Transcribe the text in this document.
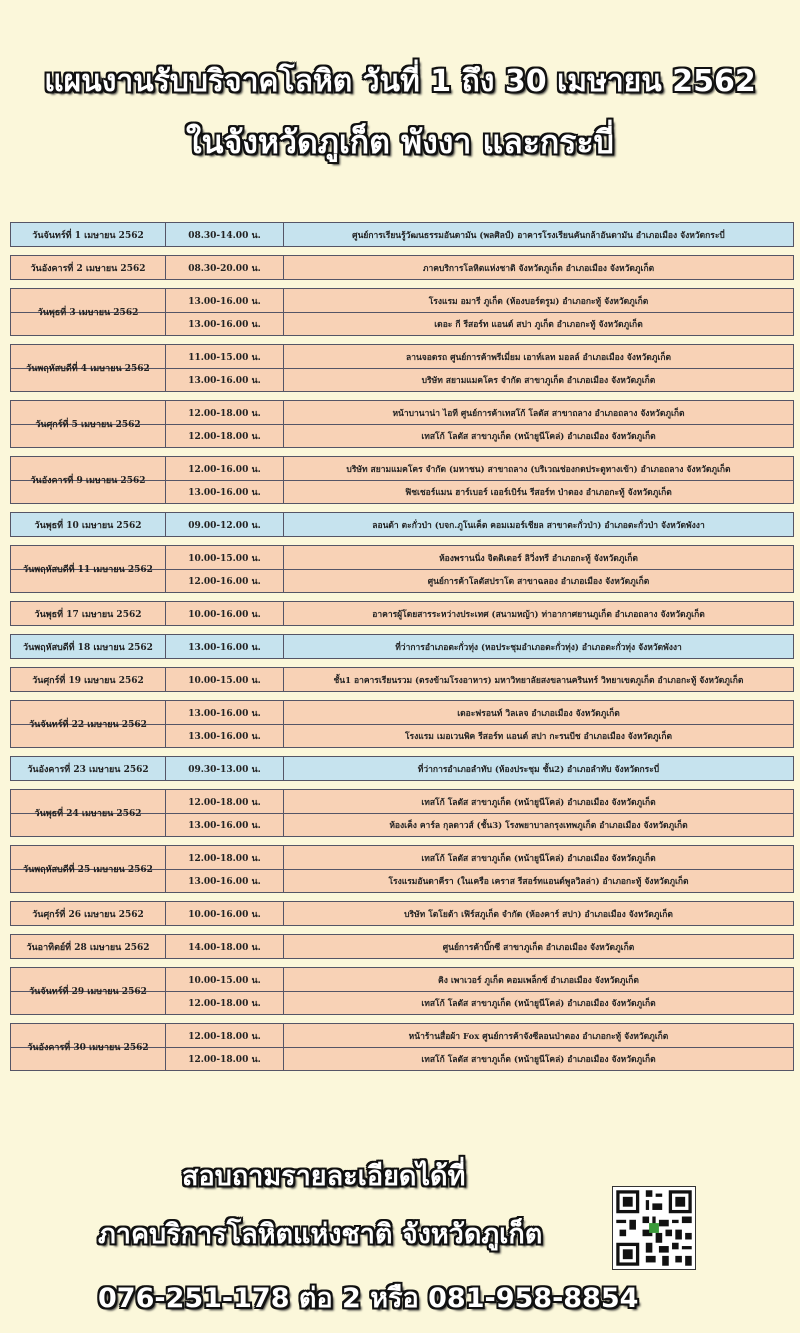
แผนงานรับบริจาคโลหิต วันที่ 1 ถึง 30 เมษายน 2562
ในจังหวัดภูเก็ต พังงา และกระบี่
วันจันทร์ที่ 1 เมษายน 2562	08.30-14.00 น.	ศูนย์การเรียนรู้วัฒนธรรมอันดามัน (พลศิลป์) อาคารโรงเรียนคันกล้าอันดามัน อำเภอเมือง จังหวัดกระบี่
วันอังคารที่ 2 เมษายน 2562	08.30-20.00 น.	ภาคบริการโลหิตแห่งชาติ จังหวัดภูเก็ต อำเภอเมือง จังหวัดภูเก็ต
วันพุธที่ 3 เมษายน 2562
13.00-16.00 น.	โรงแรม อมารี ภูเก็ต (ห้องบอร์ดรูม) อำเภอกะทู้ จังหวัดภูเก็ต
13.00-16.00 น.	เดอะ กี รีสอร์ท แอนด์ สปา ภูเก็ต อำเภอกะทู้ จังหวัดภูเก็ต
วันพฤหัสบดีที่ 4 เมษายน 2562
11.00-15.00 น.	ลานจอดรถ ศูนย์การค้าพรีเมี่ยม เอาท์เลท มอลล์ อำเภอเมือง จังหวัดภูเก็ต
13.00-16.00 น.	บริษัท สยามแมคโคร จำกัด สาขาภูเก็ต อำเภอเมือง จังหวัดภูเก็ต
วันศุกร์ที่ 5 เมษายน 2562
12.00-18.00 น.	หน้าบานาน่า ไอที ศูนย์การค้าเทสโก้ โลตัส สาขาถลาง อำเภอถลาง จังหวัดภูเก็ต
12.00-18.00 น.	เทสโก้ โลตัส สาขาภูเก็ต (หน้ายูนีโคล่) อำเภอเมือง จังหวัดภูเก็ต
วันอังคารที่ 9 เมษายน 2562
12.00-16.00 น.	บริษัท สยามแมคโคร จำกัด (มหาชน) สาขาถลาง (บริเวณช่องกดประตูทางเข้า) อำเภอถลาง จังหวัดภูเก็ต
13.00-16.00 น.	ฟิชเชอร์แมน ฮาร์เบอร์ เออร์เบิร์น รีสอร์ท ป่าตอง อำเภอกะทู้ จังหวัดภูเก็ต
วันพุธที่ 10 เมษายน 2562	09.00-12.00 น.	ลอนด้า ตะกั่วป่า (บจก.ภูโนเค็ต คอมเมอร์เชียล สาขาตะกั่วป่า) อำเภอตะกั่วป่า จังหวัดพังงา
วันพฤหัสบดีที่ 11 เมษายน 2562
10.00-15.00 น.	ห้องพรานนิ่ง จิตติเดอร์ ลิวิ่งทรี อำเภอกะทู้ จังหวัดภูเก็ต
12.00-16.00 น.	ศูนย์การค้าโลตัสปราโด สาขาฉลอง อำเภอเมือง จังหวัดภูเก็ต
วันพุธที่ 17 เมษายน 2562	10.00-16.00 น.	อาคารผู้โดยสารระหว่างประเทศ (สนามหญ้า) ท่าอากาศยานภูเก็ต อำเภอถลาง จังหวัดภูเก็ต
วันพฤหัสบดีที่ 18 เมษายน 2562	13.00-16.00 น.	ที่ว่าการอำเภอตะกั่วทุ่ง (หอประชุมอำเภอตะกั่วทุ่ง) อำเภอตะกั่วทุ่ง จังหวัดพังงา
วันศุกร์ที่ 19 เมษายน 2562	10.00-15.00 น.	ชั้น1 อาคารเรียนรวม (ตรงข้ามโรงอาหาร) มหาวิทยาลัยสงขลานครินทร์ วิทยาเขตภูเก็ต อำเภอกะทู้ จังหวัดภูเก็ต
วันจันทร์ที่ 22 เมษายน 2562
13.00-16.00 น.	เดอะฟรอนท์ วิลเลจ อำเภอเมือง จังหวัดภูเก็ต
13.00-16.00 น.	โรงแรม เมอเวนพิค รีสอร์ท แอนด์ สปา กะรนบีช อำเภอเมือง จังหวัดภูเก็ต
วันอังคารที่ 23 เมษายน 2562	09.30-13.00 น.	ที่ว่าการอำเภอลำทับ (ห้องประชุม ชั้น2) อำเภอลำทับ จังหวัดกระบี่
วันพุธที่ 24 เมษายน 2562
12.00-18.00 น.	เทสโก้ โลตัส สาขาภูเก็ต (หน้ายูนีโคล่) อำเภอเมือง จังหวัดภูเก็ต
13.00-16.00 น.	ห้องเค็ง คาร์ล กุลดาวส์ (ชั้น3) โรงพยาบาลกรุงเทพภูเก็ต อำเภอเมือง จังหวัดภูเก็ต
วันพฤหัสบดีที่ 25 เมษายน 2562
12.00-18.00 น.	เทสโก้ โลตัส สาขาภูเก็ต (หน้ายูนีโคล่) อำเภอเมือง จังหวัดภูเก็ต
13.00-16.00 น.	โรงแรมอันดาคีรา (ในเครือ เคราส รีสอร์ทแอนด์พูลวิลล่า) อำเภอกะทู้ จังหวัดภูเก็ต
วันศุกร์ที่ 26 เมษายน 2562	10.00-16.00 น.	บริษัท โตโยต้า เฟิร์สภูเก็ต จำกัด (ห้องคาร์ สปา) อำเภอเมือง จังหวัดภูเก็ต
วันอาทิตย์ที่ 28 เมษายน 2562	14.00-18.00 น.	ศูนย์การค้าบิ๊กซี สาขาภูเก็ต อำเภอเมือง จังหวัดภูเก็ต
วันจันทร์ที่ 29 เมษายน 2562
10.00-15.00 น.	คิง เพาเวอร์ ภูเก็ต คอมเพล็กซ์ อำเภอเมือง จังหวัดภูเก็ต
12.00-18.00 น.	เทสโก้ โลตัส สาขาภูเก็ต (หน้ายูนีโคล่) อำเภอเมือง จังหวัดภูเก็ต
วันอังคารที่ 30 เมษายน 2562
12.00-18.00 น.	หน้าร้านสื่อผ้า Fox ศูนย์การค้าจังซีลอนป่าตอง อำเภอกะทู้ จังหวัดภูเก็ต
12.00-18.00 น.	เทสโก้ โลตัส สาขาภูเก็ต (หน้ายูนีโคล่) อำเภอเมือง จังหวัดภูเก็ต
สอบถามรายละเอียดได้ที่
ภาคบริการโลหิตแห่งชาติ จังหวัดภูเก็ต
076-251-178 ต่อ 2 หรือ 081-958-8854
